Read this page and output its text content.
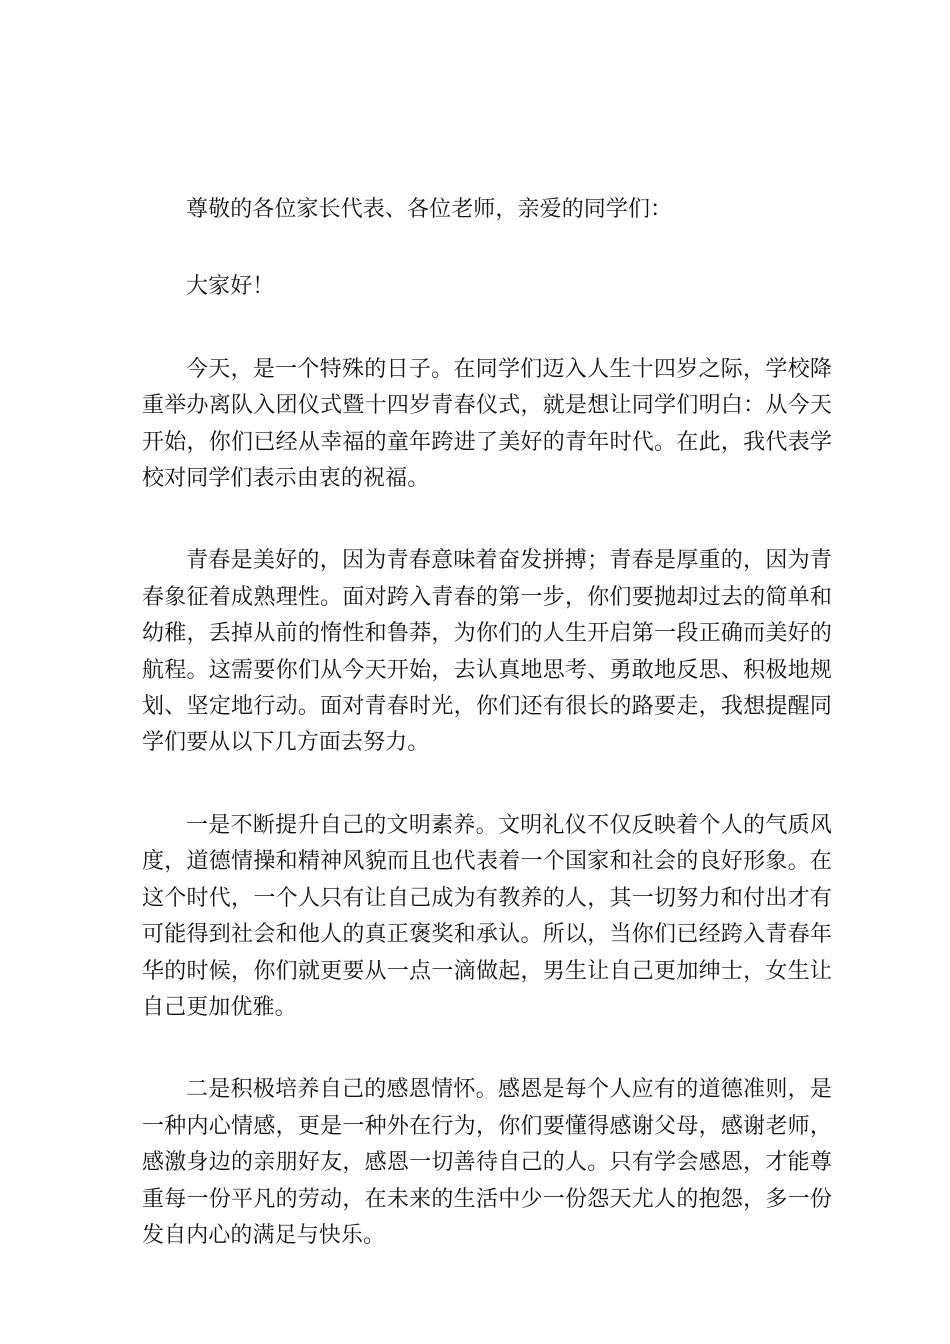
尊敬的各位家长代表、各位老师，亲爱的同学们：

大家好！

今天，是一个特殊的日子。在同学们迈入人生十四岁之际，学校降重举办离队入团仪式暨十四岁青春仪式，就是想让同学们明白：从今天开始，你们已经从幸福的童年跨进了美好的青年时代。在此，我代表学校对同学们表示由衷的祝福。

青春是美好的，因为青春意味着奋发拼搏；青春是厚重的，因为青春象征着成熟理性。面对跨入青春的第一步，你们要抛却过去的简单和幼稚，丢掉从前的惰性和鲁莽，为你们的人生开启第一段正确而美好的航程。这需要你们从今天开始，去认真地思考、勇敢地反思、积极地规划、坚定地行动。面对青春时光，你们还有很长的路要走，我想提醒同学们要从以下几方面去努力。

一是不断提升自己的文明素养。文明礼仪不仅反映着个人的气质风度，道德情操和精神风貌而且也代表着一个国家和社会的良好形象。在这个时代，一个人只有让自己成为有教养的人，其一切努力和付出才有可能得到社会和他人的真正褒奖和承认。所以，当你们已经跨入青春年华的时候，你们就更要从一点一滴做起，男生让自己更加绅士，女生让自己更加优雅。

二是积极培养自己的感恩情怀。感恩是每个人应有的道德准则，是一种内心情感，更是一种外在行为，你们要懂得感谢父母，感谢老师，感激身边的亲朋好友，感恩一切善待自己的人。只有学会感恩，才能尊重每一份平凡的劳动，在未来的生活中少一份怨天尤人的抱怨，多一份发自内心的满足与快乐。
